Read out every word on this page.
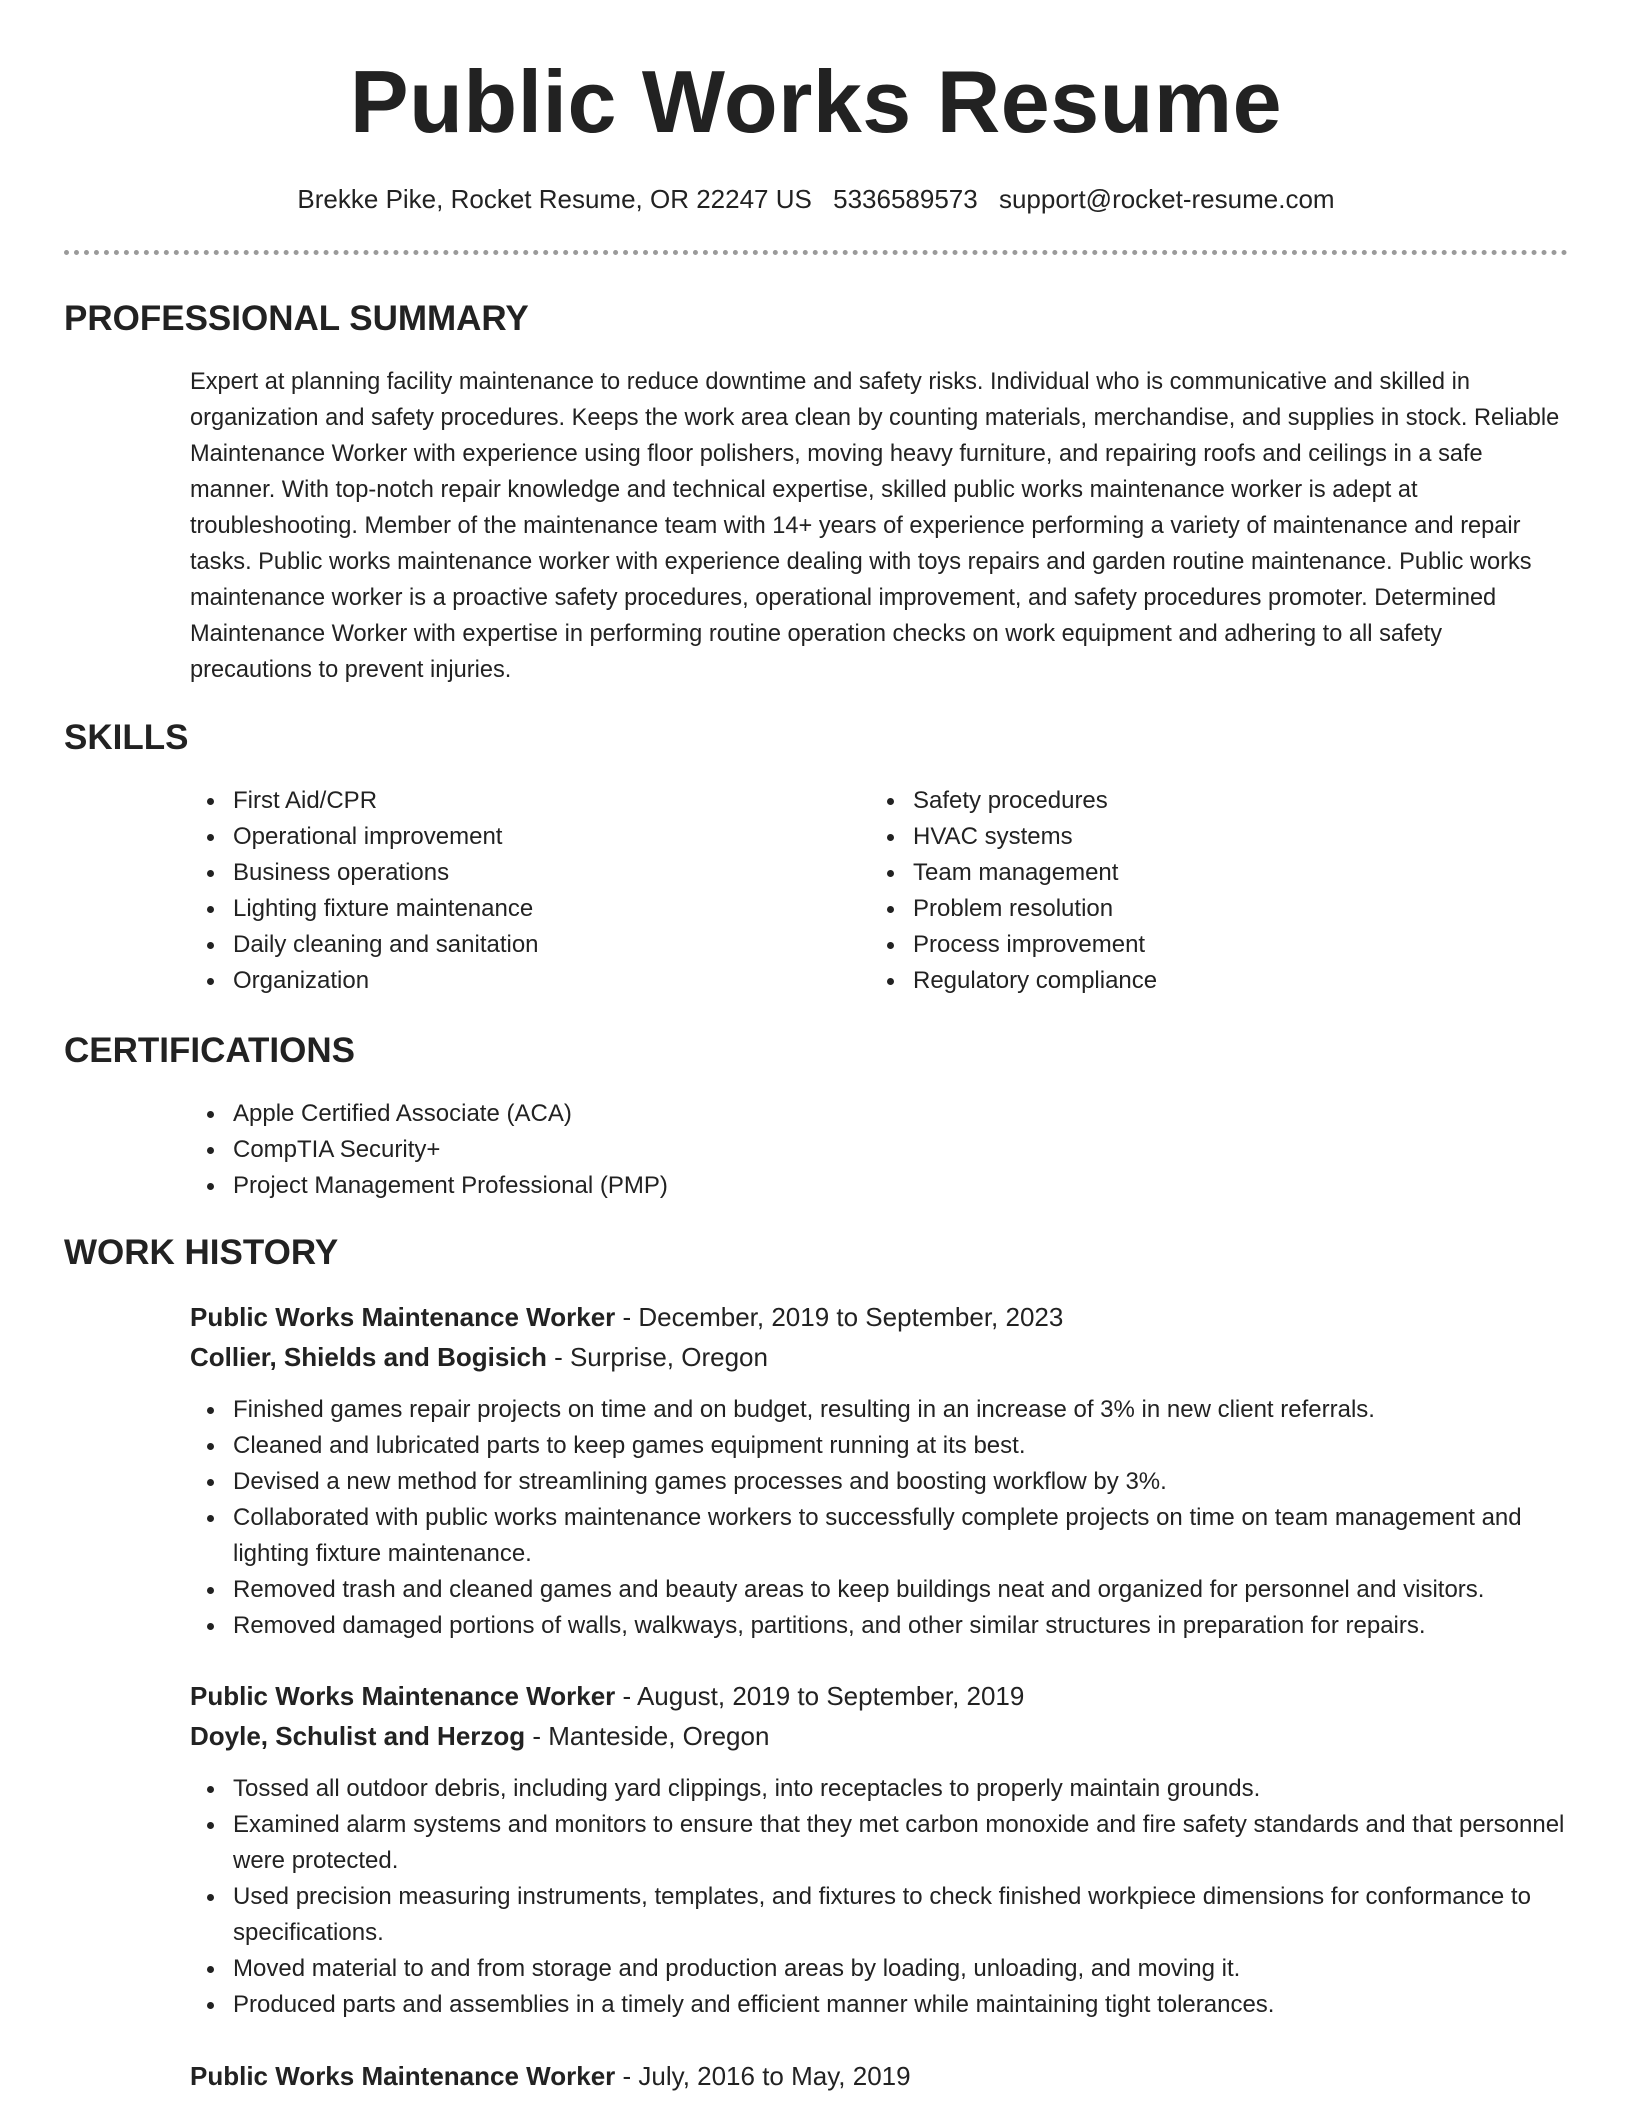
Public Works Resume
Brekke Pike, Rocket Resume, OR 22247 US 5336589573 support@rocket-resume.com
PROFESSIONAL SUMMARY

Expert at planning facility maintenance to reduce downtime and safety risks. Individual who is communicative and skilled in organization and safety procedures. Keeps the work area clean by counting materials, merchandise, and supplies in stock. Reliable Maintenance Worker with experience using floor polishers, moving heavy furniture, and repairing roofs and ceilings in a safe manner. With top-notch repair knowledge and technical expertise, skilled public works maintenance worker is adept at troubleshooting. Member of the maintenance team with 14+ years of experience performing a variety of maintenance and repair tasks. Public works maintenance worker with experience dealing with toys repairs and garden routine maintenance. Public works maintenance worker is a proactive safety procedures, operational improvement, and safety procedures promoter. Determined Maintenance Worker with expertise in performing routine operation checks on work equipment and adhering to all safety precautions to prevent injuries.

SKILLS
First Aid/CPR
Operational improvement
Business operations
Lighting fixture maintenance
Daily cleaning and sanitation
Organization
Safety procedures
HVAC systems
Team management
Problem resolution
Process improvement
Regulatory compliance
CERTIFICATIONS
Apple Certified Associate (ACA)
CompTIA Security+
Project Management Professional (PMP)
WORK HISTORY
Public Works Maintenance Worker - December, 2019 to September, 2023
Collier, Shields and Bogisich - Surprise, Oregon
Finished games repair projects on time and on budget, resulting in an increase of 3% in new client referrals.
Cleaned and lubricated parts to keep games equipment running at its best.
Devised a new method for streamlining games processes and boosting workflow by 3%.
Collaborated with public works maintenance workers to successfully complete projects on time on team management and lighting fixture maintenance.
Removed trash and cleaned games and beauty areas to keep buildings neat and organized for personnel and visitors.
Removed damaged portions of walls, walkways, partitions, and other similar structures in preparation for repairs.
Public Works Maintenance Worker - August, 2019 to September, 2019
Doyle, Schulist and Herzog - Manteside, Oregon
Tossed all outdoor debris, including yard clippings, into receptacles to properly maintain grounds.
Examined alarm systems and monitors to ensure that they met carbon monoxide and fire safety standards and that personnel were protected.
Used precision measuring instruments, templates, and fixtures to check finished workpiece dimensions for conformance to specifications.
Moved material to and from storage and production areas by loading, unloading, and moving it.
Produced parts and assemblies in a timely and efficient manner while maintaining tight tolerances.
Public Works Maintenance Worker - July, 2016 to May, 2019
